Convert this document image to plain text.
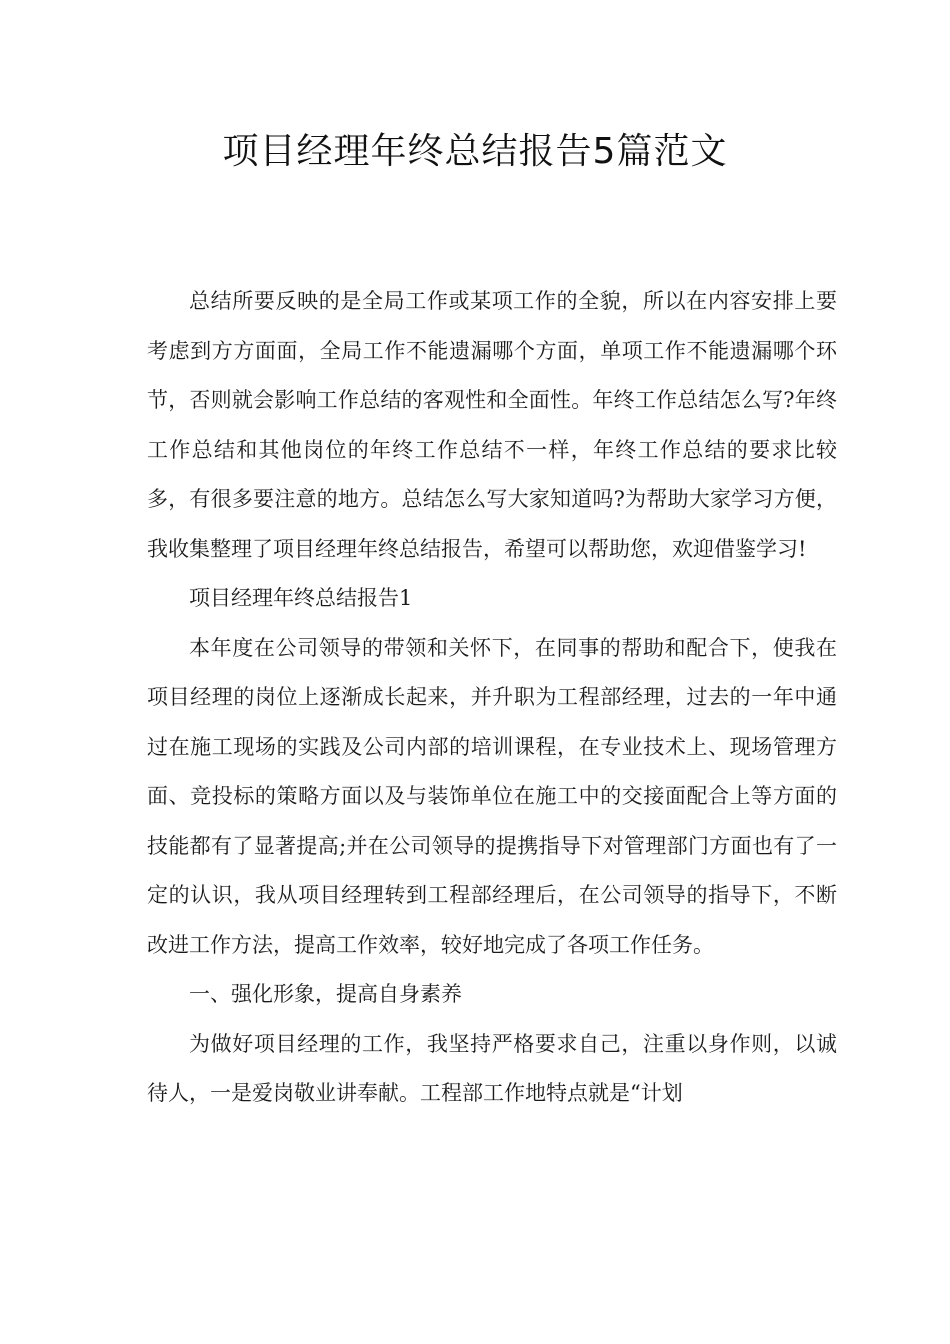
项目经理年终总结报告5篇范文

总结所要反映的是全局工作或某项工作的全貌，所以在内容安排上要考虑到方方面面，全局工作不能遗漏哪个方面，单项工作不能遗漏哪个环节，否则就会影响工作总结的客观性和全面性。年终工作总结怎么写?年终工作总结和其他岗位的年终工作总结不一样，年终工作总结的要求比较多，有很多要注意的地方。总结怎么写大家知道吗?为帮助大家学习方便，我收集整理了项目经理年终总结报告，希望可以帮助您，欢迎借鉴学习!

项目经理年终总结报告1

本年度在公司领导的带领和关怀下，在同事的帮助和配合下，使我在项目经理的岗位上逐渐成长起来，并升职为工程部经理，过去的一年中通过在施工现场的实践及公司内部的培训课程，在专业技术上、现场管理方面、竞投标的策略方面以及与装饰单位在施工中的交接面配合上等方面的技能都有了显著提高;并在公司领导的提携指导下对管理部门方面也有了一定的认识，我从项目经理转到工程部经理后，在公司领导的指导下，不断改进工作方法，提高工作效率，较好地完成了各项工作任务。

一、强化形象，提高自身素养

为做好项目经理的工作，我坚持严格要求自己，注重以身作则，以诚待人，一是爱岗敬业讲奉献。工程部工作地特点就是“计划
